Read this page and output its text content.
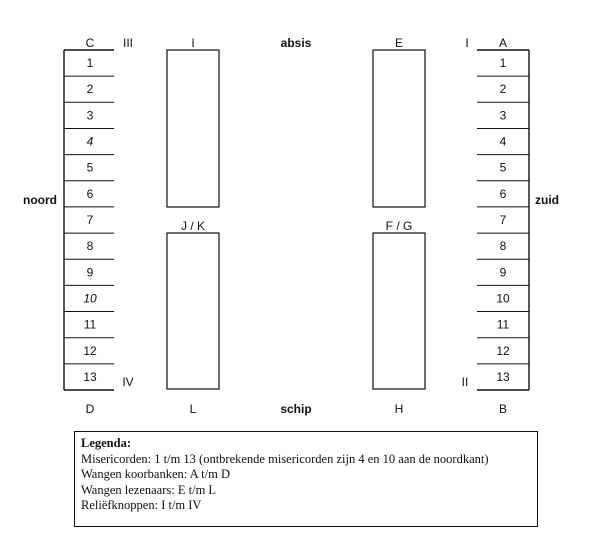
1
2
3
4
5
6
7
8
9
10
11
12
13
1
2
3
4
5
6
7
8
9
10
11
12
13
C III	I	absis	E	I	A
J / K	F / G
noord	zuid
IV	II
D	L	schip	H	B
Legenda:
Misericorden: 1 t/m 13 (ontbrekende misericorden zijn 4 en 10 aan de noordkant)
Wangen koorbanken: A t/m D
Wangen lezenaars: E t/m L
Reliëfknoppen: I t/m IV
